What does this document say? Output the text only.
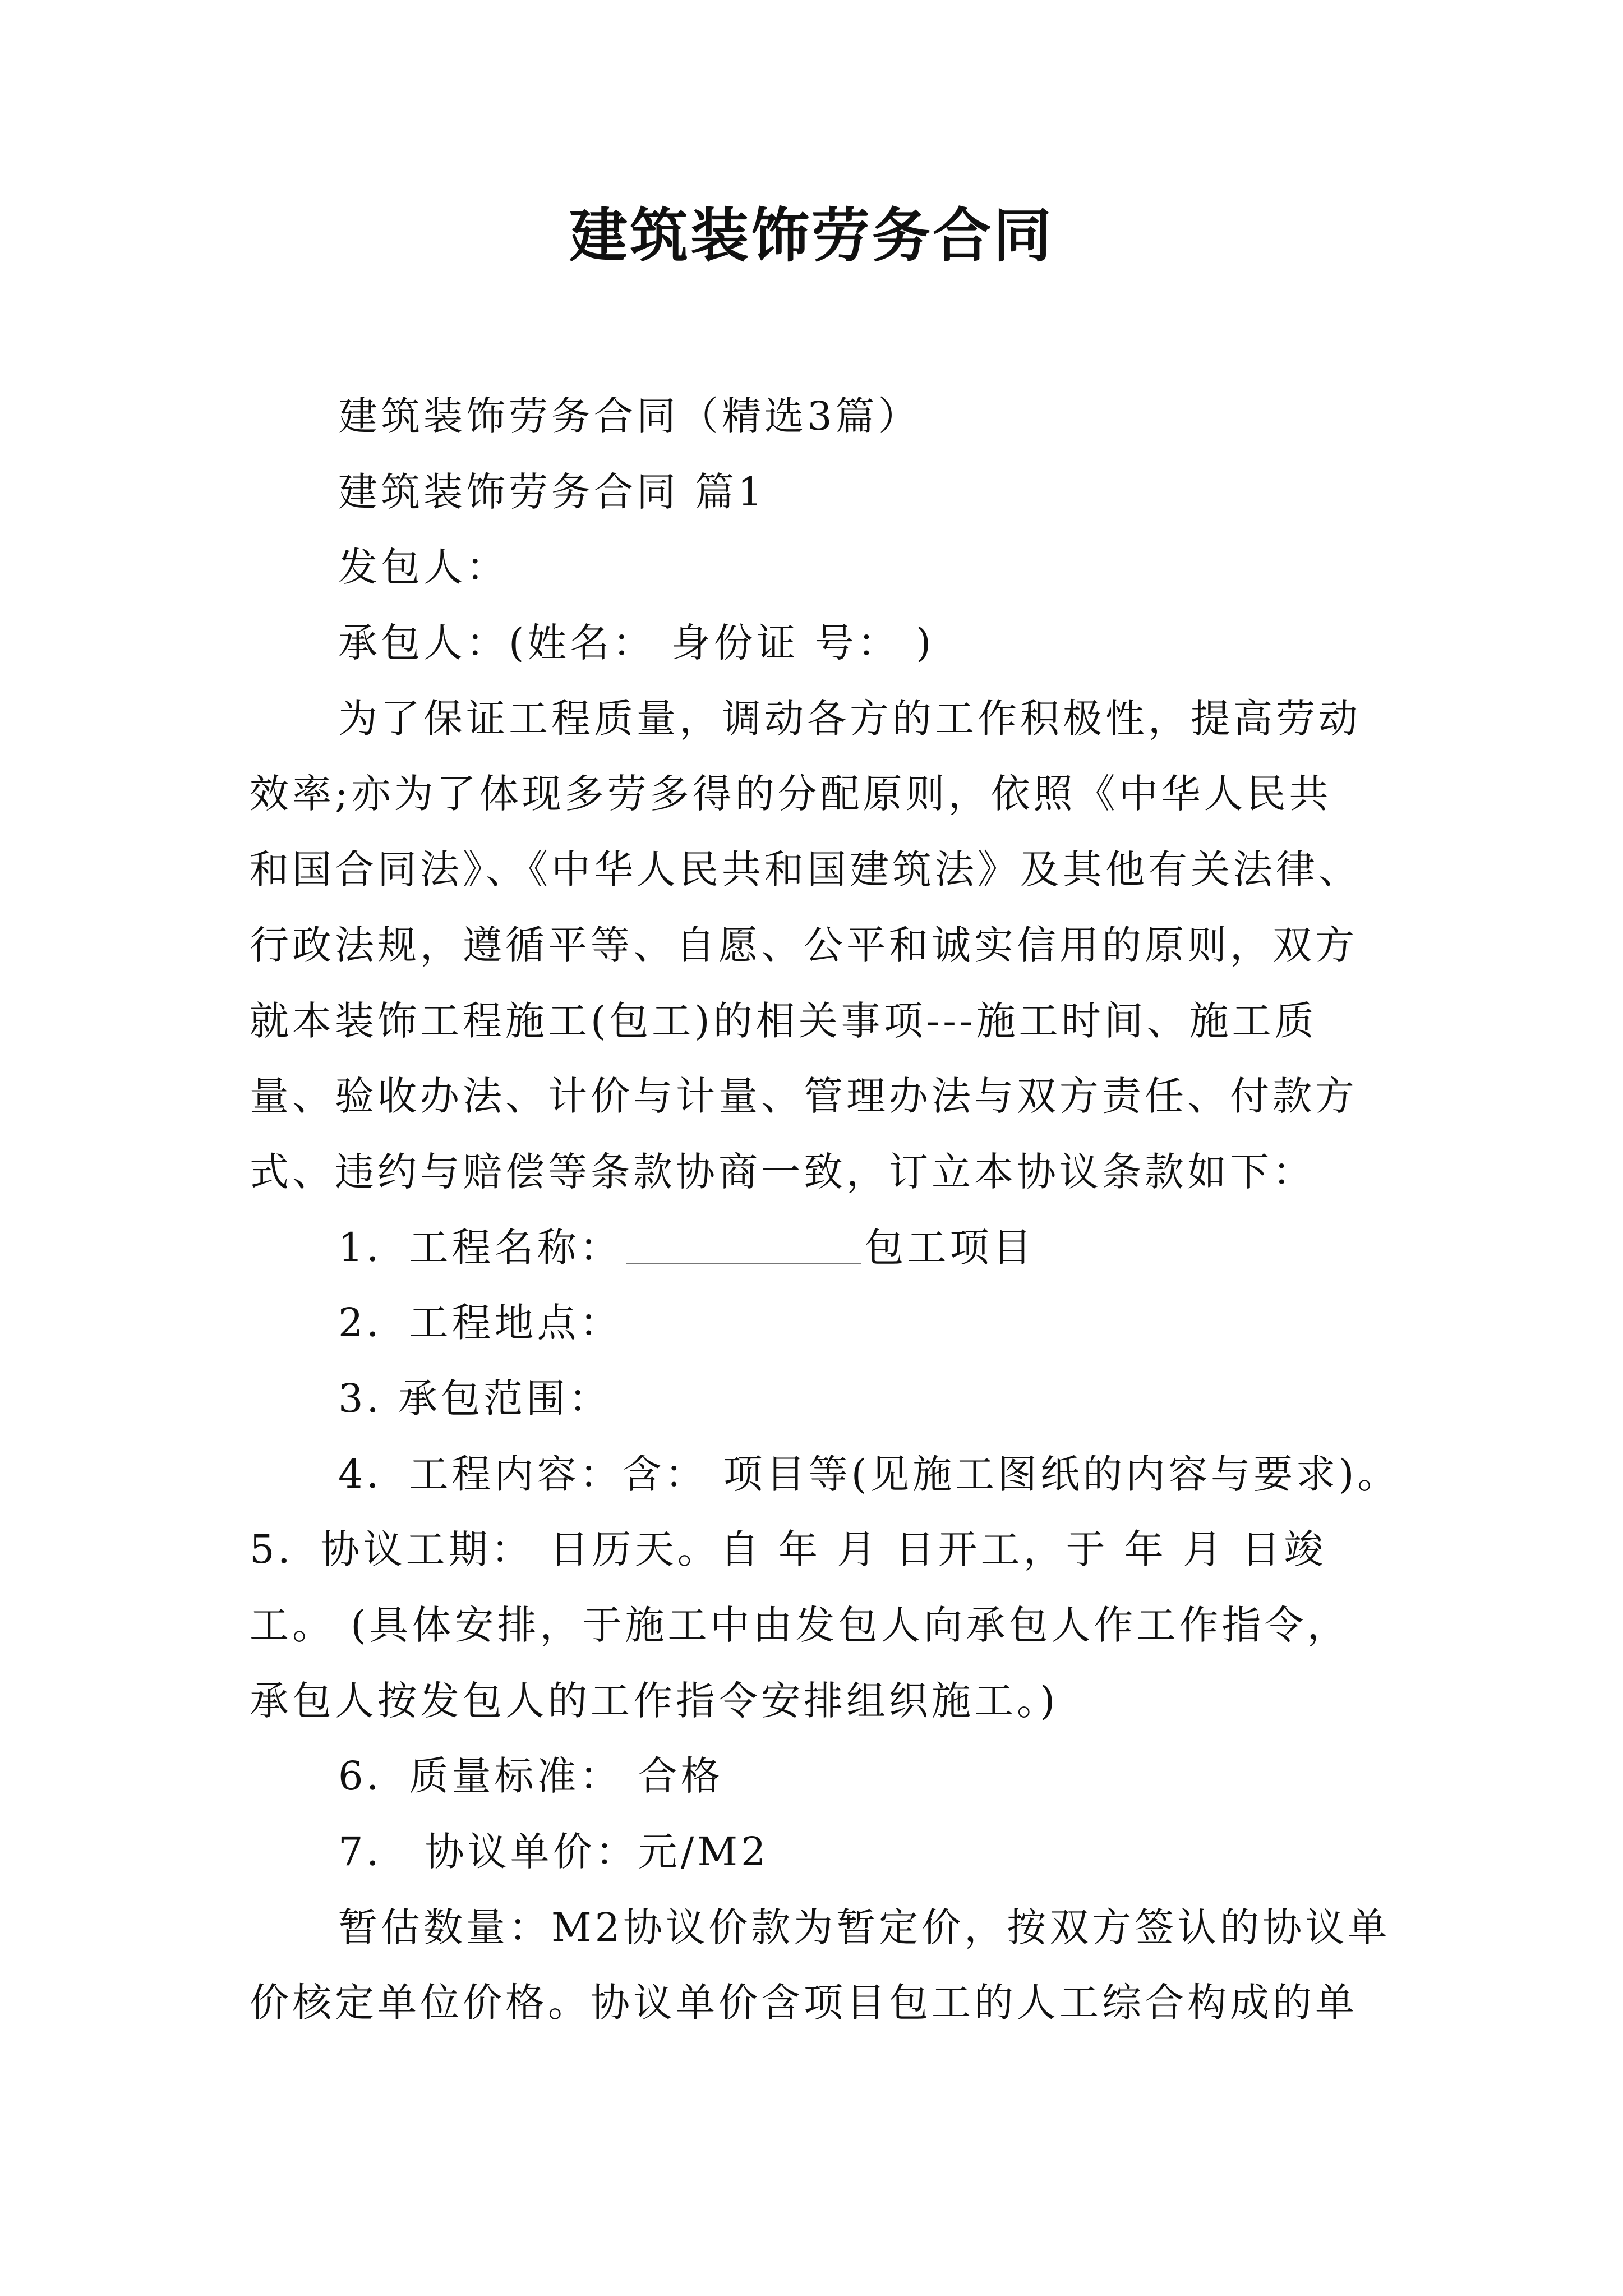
建筑装饰劳务合同
建筑装饰劳务合同（精选3篇）
建筑装饰劳务合同 篇1
发包人：
承包人：(姓名： 身份证 号： )
为了保证工程质量，调动各方的工作积极性，提高劳动
效率;亦为了体现多劳多得的分配原则，依照《中华人民共
和国合同法》、《中华人民共和国建筑法》及其他有关法律、
行政法规，遵循平等、自愿、公平和诚实信用的原则，双方
就本装饰工程施工(包工)的相关事项---施工时间、施工质
量、验收办法、计价与计量、管理办法与双方责任、付款方
式、违约与赔偿等条款协商一致，订立本协议条款如下：
1．工程名称：	包工项目
2．工程地点：
3. 承包范围：
4．工程内容：含： 项目等(见施工图纸的内容与要求)。
5．协议工期： 日历天。自 年 月 日开工，于 年 月 日竣
工。 (具体安排，于施工中由发包人向承包人作工作指令，
承包人按发包人的工作指令安排组织施工。)
6．质量标准： 合格
7． 协议单价：元/M2
暂估数量：M2协议价款为暂定价，按双方签认的协议单
价核定单位价格。协议单价含项目包工的人工综合构成的单
